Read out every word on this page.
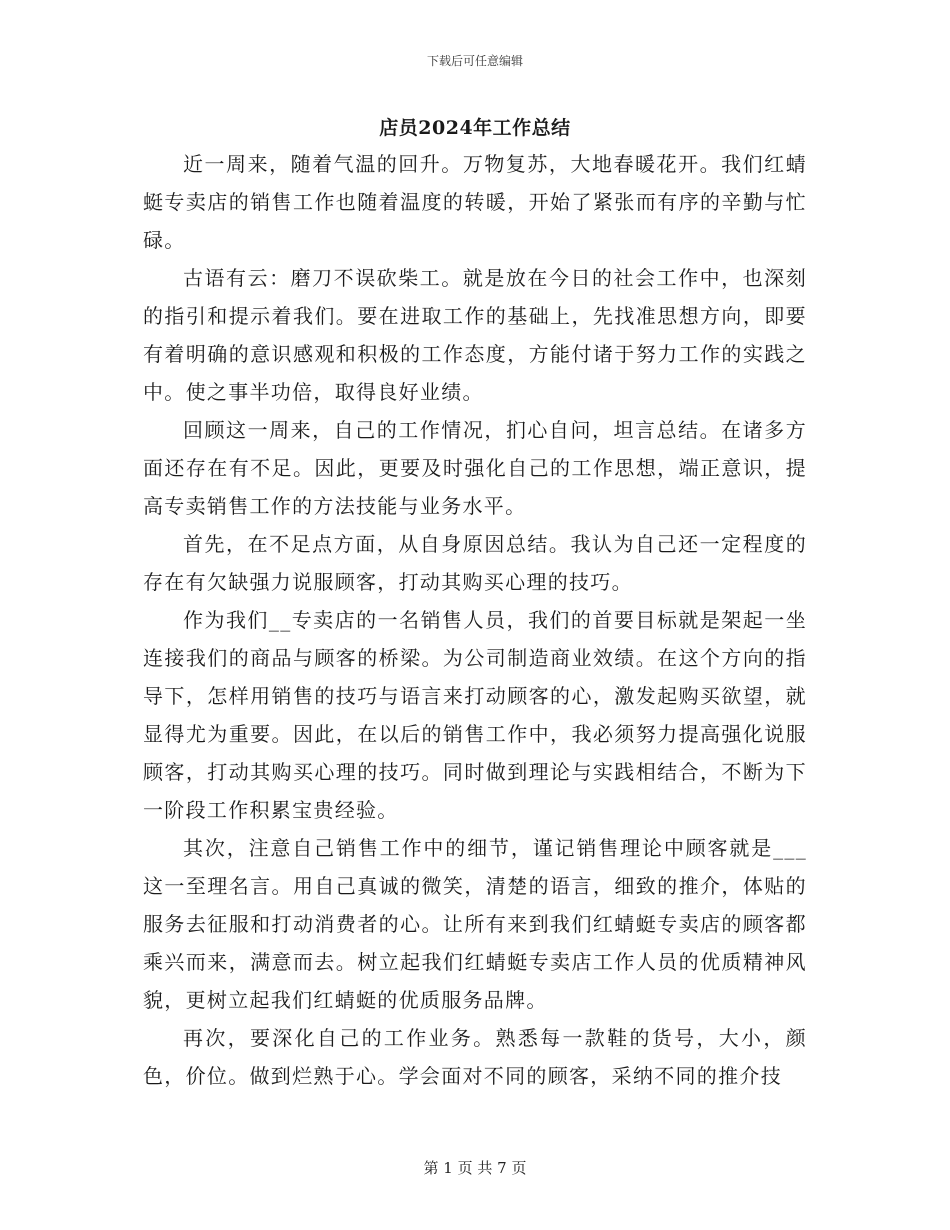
下载后可任意编辑
店员2024年工作总结

近一周来，随着气温的回升。万物复苏，大地春暖花开。我们红蜻蜓专卖店的销售工作也随着温度的转暖，开始了紧张而有序的辛勤与忙碌。

古语有云：磨刀不误砍柴工。就是放在今日的社会工作中，也深刻的指引和提示着我们。要在进取工作的基础上，先找准思想方向，即要有着明确的意识感观和积极的工作态度，方能付诸于努力工作的实践之中。使之事半功倍，取得良好业绩。

回顾这一周来，自己的工作情况，扪心自问，坦言总结。在诸多方面还存在有不足。因此，更要及时强化自己的工作思想，端正意识，提高专卖销售工作的方法技能与业务水平。

首先，在不足点方面，从自身原因总结。我认为自己还一定程度的存在有欠缺强力说服顾客，打动其购买心理的技巧。

作为我们__专卖店的一名销售人员，我们的首要目标就是架起一坐连接我们的商品与顾客的桥梁。为公司制造商业效绩。在这个方向的指导下，怎样用销售的技巧与语言来打动顾客的心，激发起购买欲望，就显得尤为重要。因此，在以后的销售工作中，我必须努力提高强化说服顾客，打动其购买心理的技巧。同时做到理论与实践相结合，不断为下一阶段工作积累宝贵经验。

其次，注意自己销售工作中的细节，谨记销售理论中顾客就是___这一至理名言。用自己真诚的微笑，清楚的语言，细致的推介，体贴的服务去征服和打动消费者的心。让所有来到我们红蜻蜓专卖店的顾客都乘兴而来，满意而去。树立起我们红蜻蜓专卖店工作人员的优质精神风貌，更树立起我们红蜻蜓的优质服务品牌。

再次，要深化自己的工作业务。熟悉每一款鞋的货号，大小，颜色，价位。做到烂熟于心。学会面对不同的顾客，采纳不同的推介技

第 1 页 共 7 页
